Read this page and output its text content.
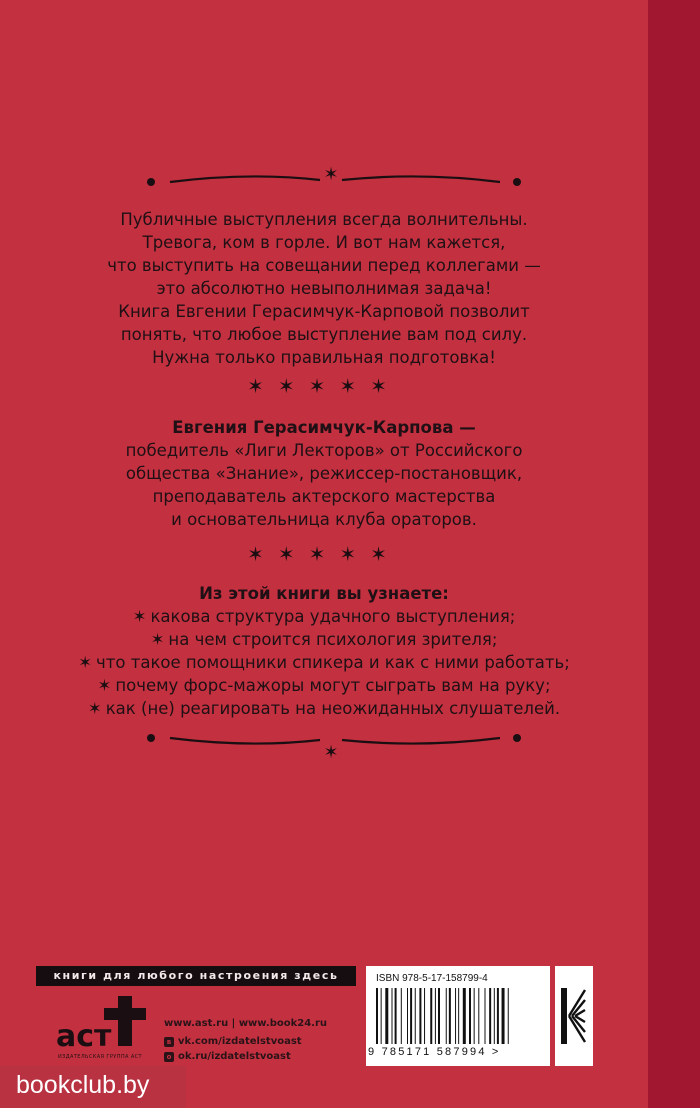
✶
Публичные выступления всегда волнительны.
Тревога, ком в горле. И вот нам кажется,
что выступить на совещании перед коллегами —
это абсолютно невыполнимая задача!
Книга Евгении Герасимчук-Карповой позволит
понять, что любое выступление вам под силу.
Нужна только правильная подготовка!
✶✶✶✶✶
Евгения Герасимчук-Карпова —
победитель «Лиги Лекторов» от Российского
общества «Знание», режиссер-постановщик,
преподаватель актерского мастерства
и основательница клуба ораторов.
✶✶✶✶✶
Из этой книги вы узнаете:
✶ какова структура удачного выступления;
✶ на чем строится психология зрителя;
✶ что такое помощники спикера и как с ними работать;
✶ почему форс-мажоры могут сыграть вам на руку;
✶ как (не) реагировать на неожиданных слушателей.
✶
книги для любого настроения здесь
аст
ИЗДАТЕЛЬСКАЯ ГРУППА АСТ
www.ast.ru | www.book24.ru
в vk.com/izdatelstvoast
о ok.ru/izdatelstvoast
ISBN 978-5-17-158799-4
9 785171 587994 >
bookclub.by
